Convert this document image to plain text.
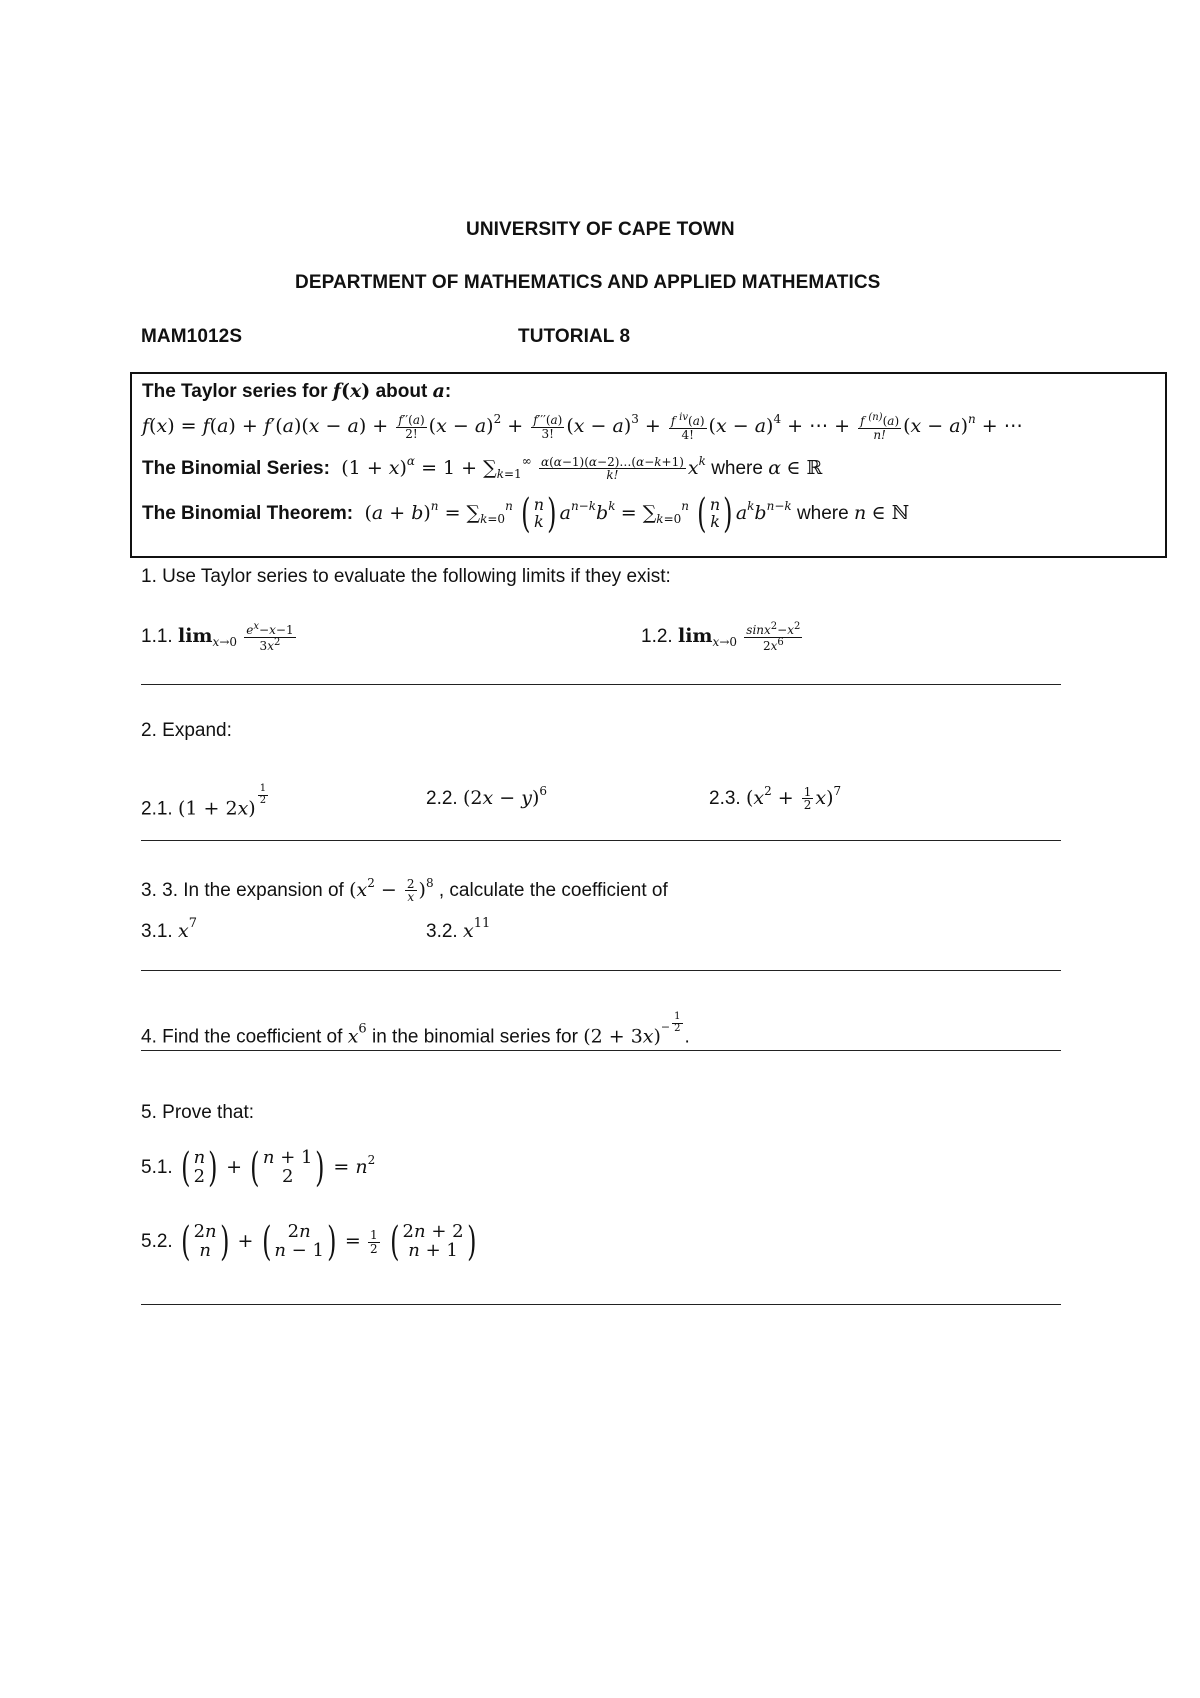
UNIVERSITY OF CAPE TOWN
DEPARTMENT OF MATHEMATICS AND APPLIED MATHEMATICS
MAM1012S	TUTORIAL 8
The Taylor series for f(x) about a:
$f(x) = f(a) + f'(a)(x - a) + \frac{f''(a)}{2!} (x - a)^2 + \frac{f'''(a)}{3!} (x - a)^3 + \frac{f ^{iv}(a)}{4!} (x - a)^4$ + ⋯ + $\frac{f ^{(n)}(a)}{n!} (x - a)^n$ + ⋯
The Binomial Series:  $(1 + x)^\alpha = 1 + \sum_{k=1}^\infty \frac{\alpha(\alpha-1)(\alpha-2)\dots(\alpha-k+1)}{k!} x^k$ where α ∈ ℝ
The Binomial Theorem:  $(a + b)^n = \sum_{k=0}^n$ ( n
k) $a^{n-k}b^k = \sum_{k=0}^n$ ( n
k) $a^kb^{n-k}$ where n ∈ ℕ
1. Use Taylor series to evaluate the following limits if they exist:
1.1. $\lim_{x\to 0} \frac{e^x-x-1}{3x^2}$	1.2. $\lim_{x\to 0} \frac{\sin x^2-x^2}{2x^6}$
2. Expand:
2.1. (1 + 2x)
$\frac{1}{2}$	2.2. $(2x - y)^6$	2.3. $(x^2 + \frac{1}{2} x)^7$
3. 3. In the expansion of $(x^2 - \frac{2}{x} )^8$ , calculate the coefficient of
3.1. $x^7$	3.2. $x^{11}$
4. Find the coefficient of $x^6$ in the binomial series for $(2 + 3x)^- \frac{1}{2}$
.
5. Prove that:
5.1. ( n
2) + ( n + 1
2 ) = $n^2$
5.2. ( 2n
n ) + ( 2n
$n - 1) = \frac{1}{2}$ ( 2n + 2
n + 1 )
